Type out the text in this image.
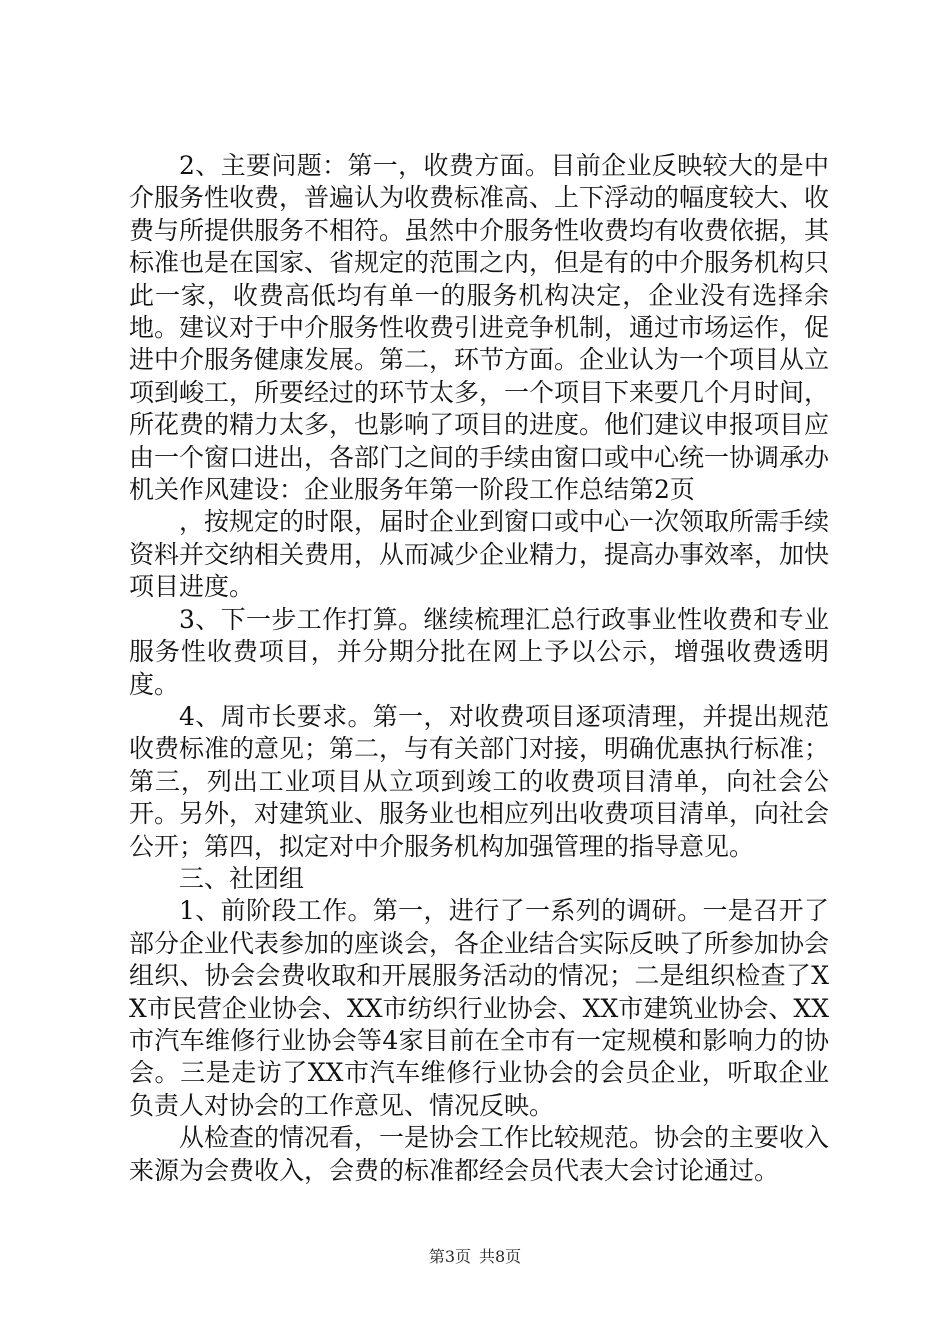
2、主要问题：第一，收费方面。目前企业反映较大的是中介服务性收费，普遍认为收费标准高、上下浮动的幅度较大、收费与所提供服务不相符。虽然中介服务性收费均有收费依据，其标准也是在国家、省规定的范围之内，但是有的中介服务机构只此一家，收费高低均有单一的服务机构决定，企业没有选择余地。建议对于中介服务性收费引进竞争机制，通过市场运作，促进中介服务健康发展。第二，环节方面。企业认为一个项目从立项到峻工，所要经过的环节太多，一个项目下来要几个月时间，所花费的精力太多，也影响了项目的进度。他们建议申报项目应由一个窗口进出，各部门之间的手续由窗口或中心统一协调承办机关作风建设：企业服务年第一阶段工作总结第2页

，按规定的时限，届时企业到窗口或中心一次领取所需手续资料并交纳相关费用，从而减少企业精力，提高办事效率，加快项目进度。

3、下一步工作打算。继续梳理汇总行政事业性收费和专业服务性收费项目，并分期分批在网上予以公示，增强收费透明度。

4、周市长要求。第一，对收费项目逐项清理，并提出规范收费标准的意见；第二，与有关部门对接，明确优惠执行标准；第三，列出工业项目从立项到竣工的收费项目清单，向社会公开。另外，对建筑业、服务业也相应列出收费项目清单，向社会公开；第四，拟定对中介服务机构加强管理的指导意见。

三、社团组

1、前阶段工作。第一，进行了一系列的调研。一是召开了部分企业代表参加的座谈会，各企业结合实际反映了所参加协会组织、协会会费收取和开展服务活动的情况；二是组织检查了XX市民营企业协会、XX市纺织行业协会、XX市建筑业协会、XX市汽车维修行业协会等4家目前在全市有一定规模和影响力的协会。三是走访了XX市汽车维修行业协会的会员企业，听取企业负责人对协会的工作意见、情况反映。

从检查的情况看，一是协会工作比较规范。协会的主要收入来源为会费收入，会费的标准都经会员代表大会讨论通过。

第3页 共8页
